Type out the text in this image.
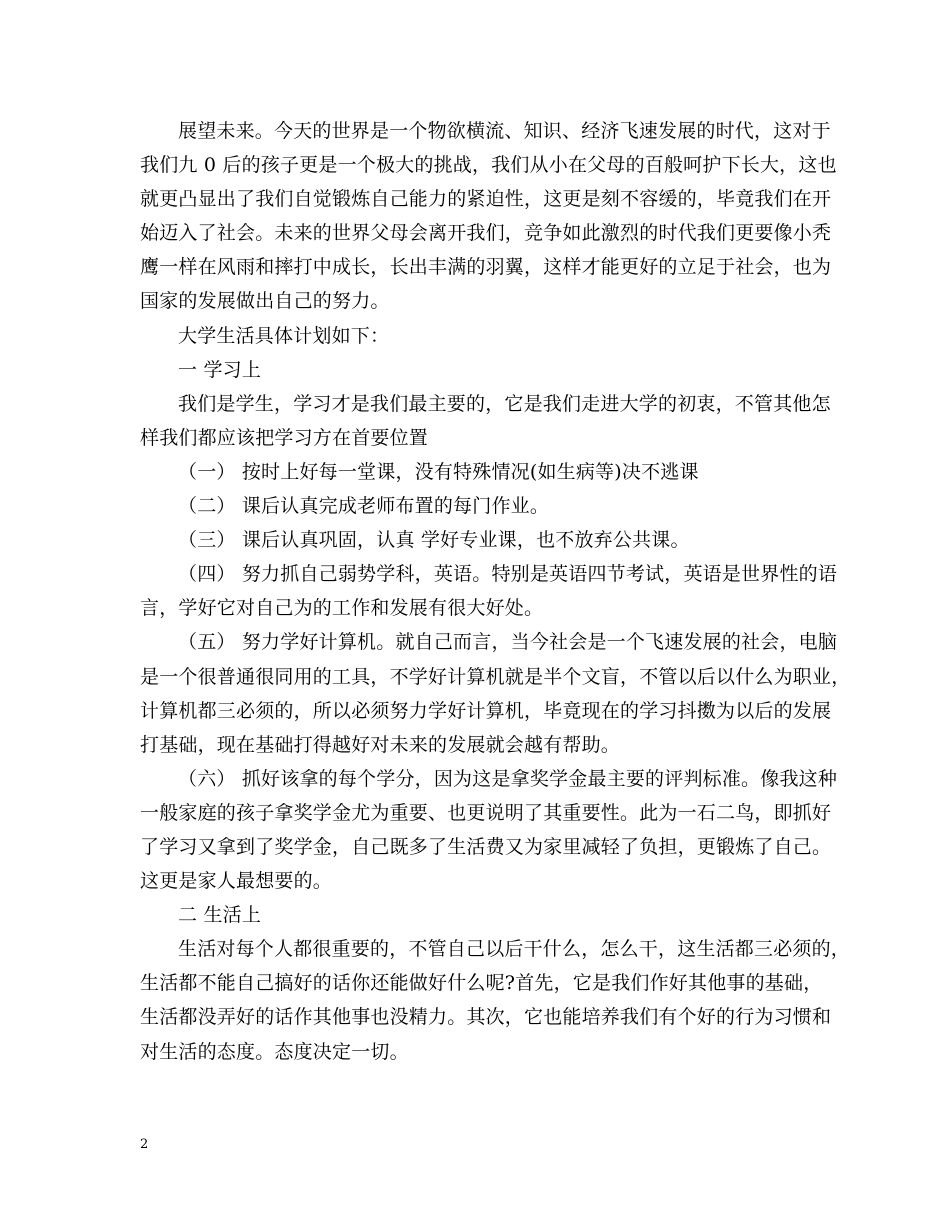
展望未来。今天的世界是一个物欲横流、知识、经济飞速发展的时代，这对于
我们九 0 后的孩子更是一个极大的挑战，我们从小在父母的百般呵护下长大，这也
就更凸显出了我们自觉锻炼自己能力的紧迫性，这更是刻不容缓的，毕竟我们在开
始迈入了社会。未来的世界父母会离开我们，竞争如此激烈的时代我们更要像小秃
鹰一样在风雨和摔打中成长，长出丰满的羽翼，这样才能更好的立足于社会，也为
国家的发展做出自己的努力。
大学生活具体计划如下：
一 学习上
我们是学生，学习才是我们最主要的，它是我们走进大学的初衷，不管其他怎
样我们都应该把学习方在首要位置
（一） 按时上好每一堂课，没有特殊情况(如生病等)决不逃课
（二） 课后认真完成老师布置的每门作业。
（三） 课后认真巩固，认真 学好专业课，也不放弃公共课。
（四） 努力抓自己弱势学科，英语。特别是英语四节考试，英语是世界性的语
言，学好它对自己为的工作和发展有很大好处。
（五） 努力学好计算机。就自己而言，当今社会是一个飞速发展的社会，电脑
是一个很普通很同用的工具，不学好计算机就是半个文盲，不管以后以什么为职业，
计算机都三必须的，所以必须努力学好计算机，毕竟现在的学习抖擞为以后的发展
打基础，现在基础打得越好对未来的发展就会越有帮助。
（六） 抓好该拿的每个学分，因为这是拿奖学金最主要的评判标准。像我这种
一般家庭的孩子拿奖学金尤为重要、也更说明了其重要性。此为一石二鸟，即抓好
了学习又拿到了奖学金，自己既多了生活费又为家里减轻了负担，更锻炼了自己。
这更是家人最想要的。
二 生活上
生活对每个人都很重要的，不管自己以后干什么，怎么干，这生活都三必须的，
生活都不能自己搞好的话你还能做好什么呢?首先，它是我们作好其他事的基础，
生活都没弄好的话作其他事也没精力。其次，它也能培养我们有个好的行为习惯和
对生活的态度。态度决定一切。
2
